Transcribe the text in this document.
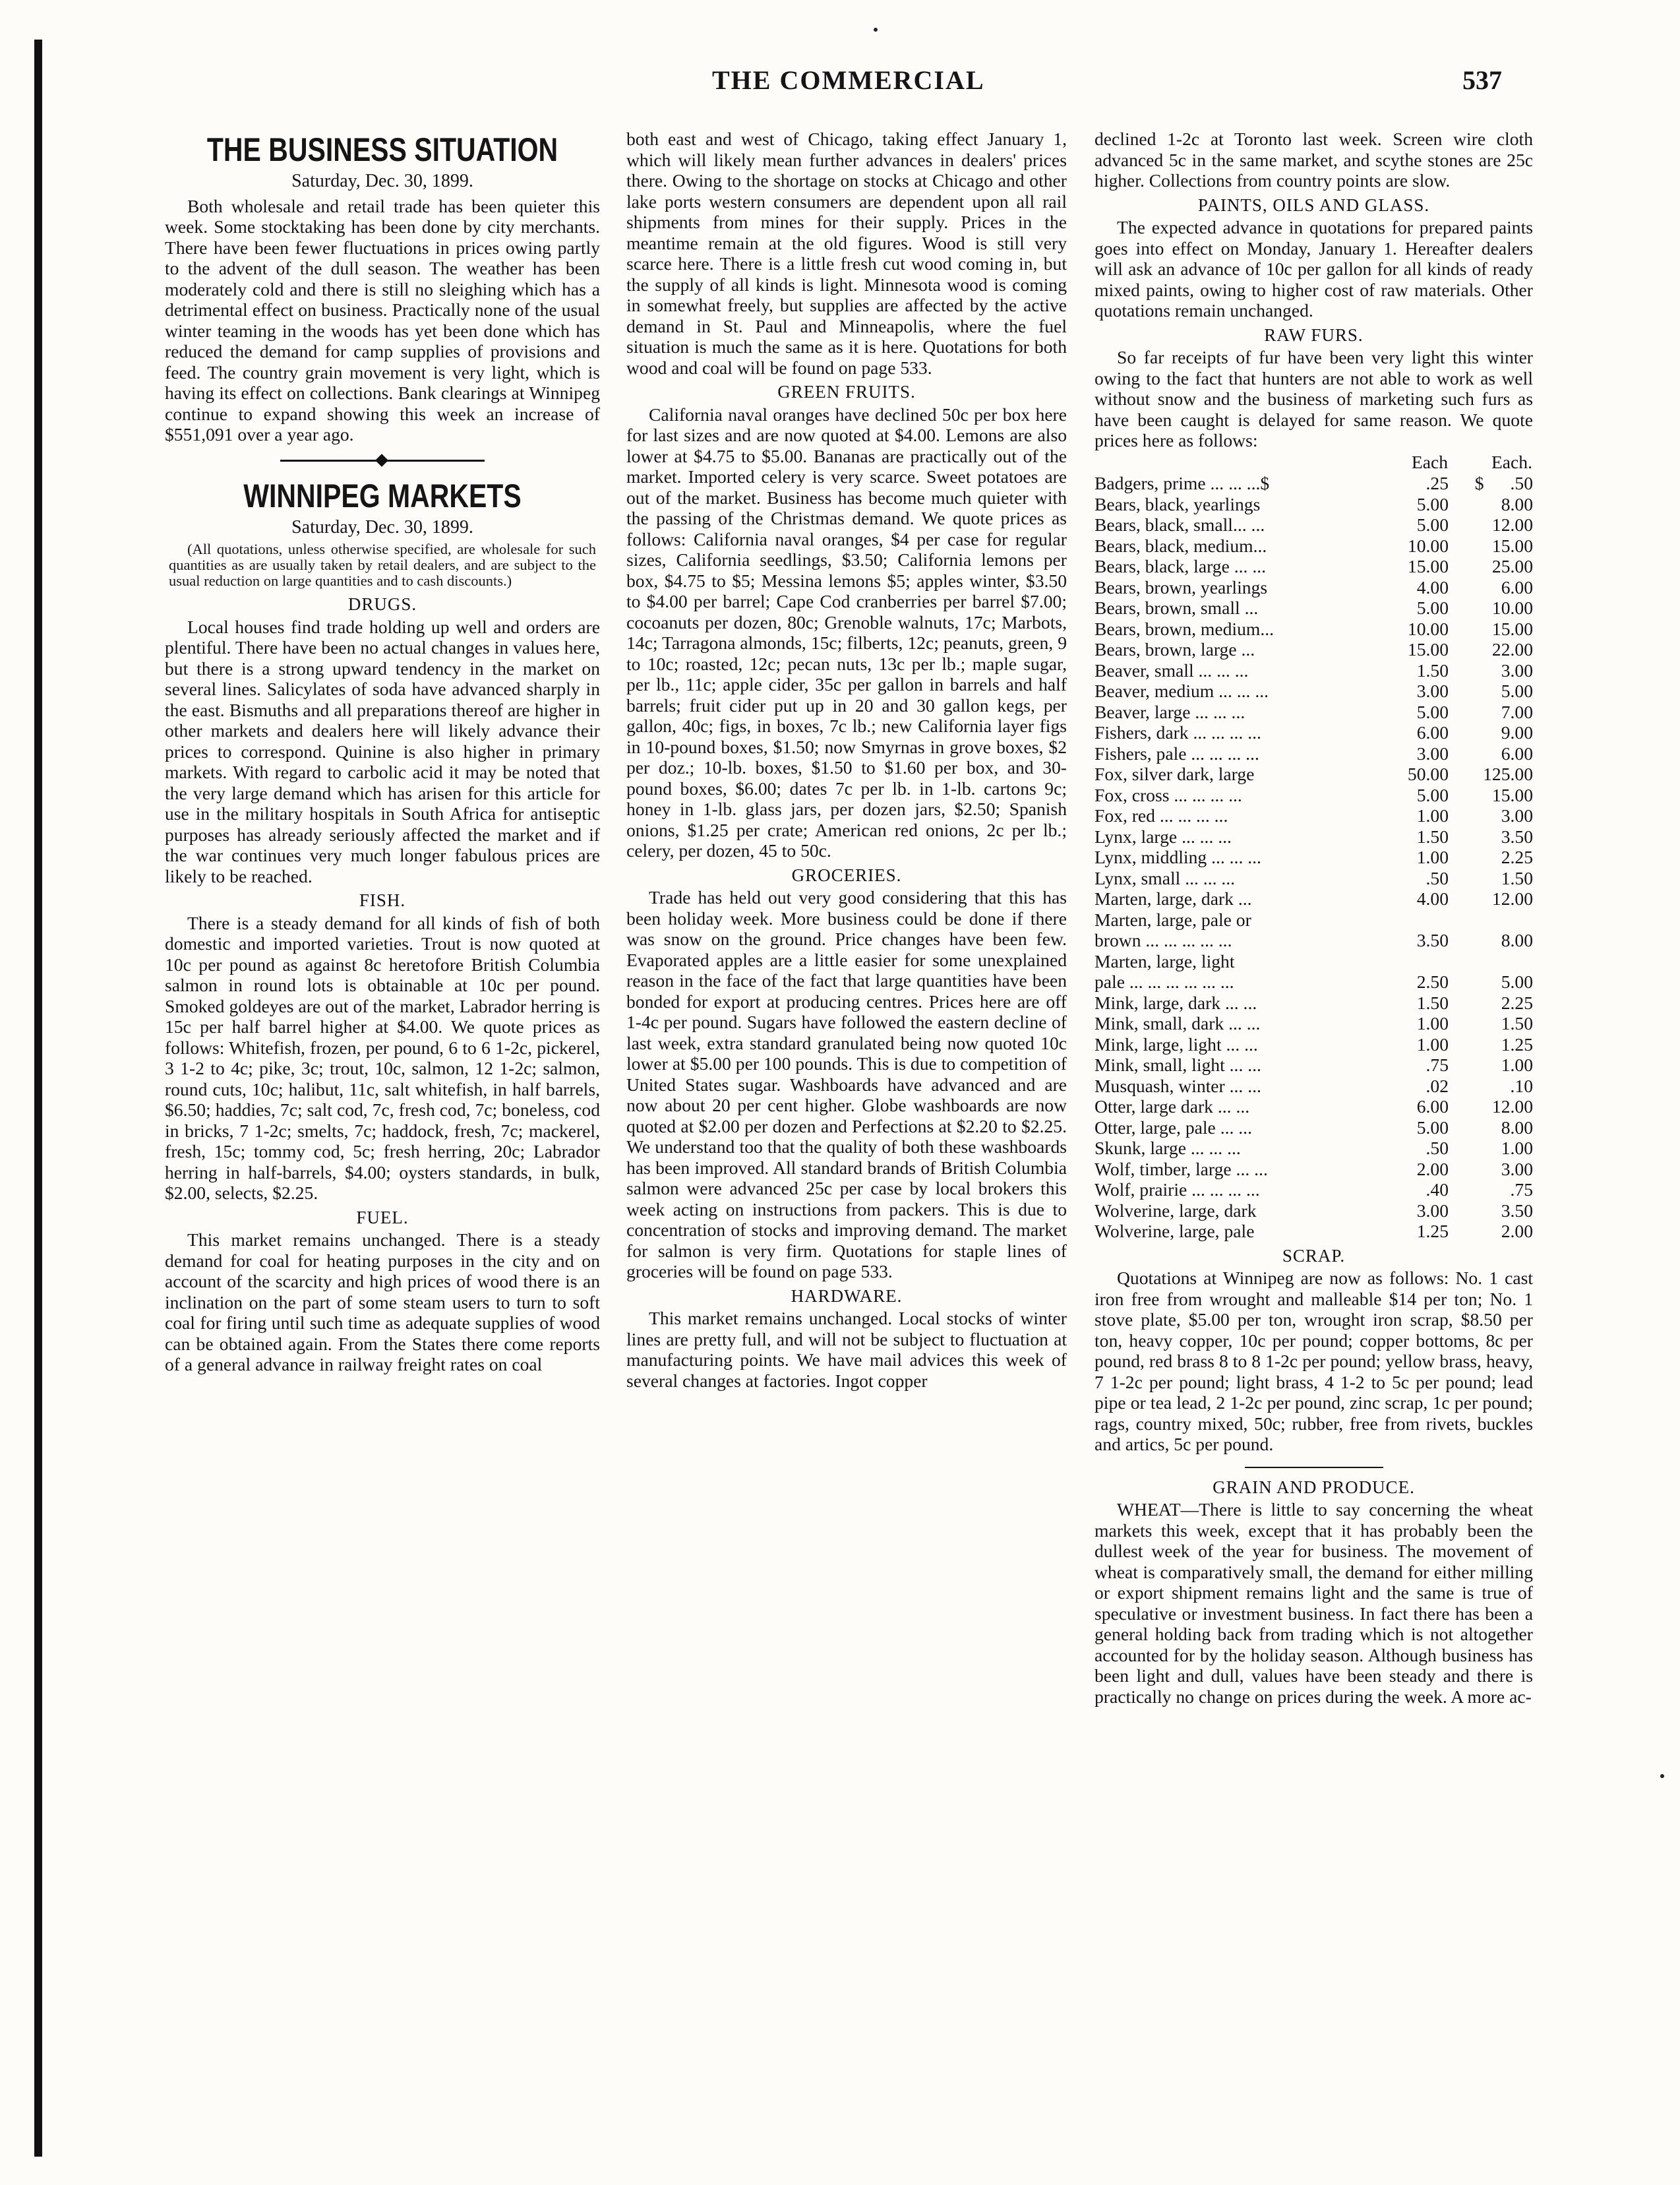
THE COMMERCIAL	537
THE BUSINESS SITUATION
Saturday, Dec. 30, 1899.

Both wholesale and retail trade has been quieter this week. Some stocktaking has been done by city merchants. There have been fewer fluctuations in prices owing partly to the advent of the dull season. The weather has been moderately cold and there is still no sleighing which has a detrimental effect on business. Practically none of the usual winter teaming in the woods has yet been done which has reduced the demand for camp supplies of provisions and feed. The country grain movement is very light, which is having its effect on collections. Bank clearings at Winnipeg continue to expand showing this week an increase of $551,091 over a year ago.

WINNIPEG MARKETS
Saturday, Dec. 30, 1899.
(All quotations, unless otherwise specified, are wholesale for such quantities as are usually taken by retail dealers, and are subject to the usual reduction on large quantities and to cash discounts.)
DRUGS.

Local houses find trade holding up well and orders are plentiful. There have been no actual changes in values here, but there is a strong upward tendency in the market on several lines. Salicylates of soda have advanced sharply in the east. Bismuths and all preparations thereof are higher in other markets and dealers here will likely advance their prices to correspond. Quinine is also higher in primary markets. With regard to carbolic acid it may be noted that the very large demand which has arisen for this article for use in the military hospitals in South Africa for antiseptic purposes has already seriously affected the market and if the war continues very much longer fabulous prices are likely to be reached.

FISH.

There is a steady demand for all kinds of fish of both domestic and imported varieties. Trout is now quoted at 10c per pound as against 8c heretofore British Columbia salmon in round lots is obtainable at 10c per pound. Smoked goldeyes are out of the market, Labrador herring is 15c per half barrel higher at $4.00. We quote prices as follows: Whitefish, frozen, per pound, 6 to 6 1-2c, pickerel, 3 1-2 to 4c; pike, 3c; trout, 10c, salmon, 12 1-2c; salmon, round cuts, 10c; halibut, 11c, salt whitefish, in half barrels, $6.50; haddies, 7c; salt cod, 7c, fresh cod, 7c; boneless, cod in bricks, 7 1-2c; smelts, 7c; haddock, fresh, 7c; mackerel, fresh, 15c; tommy cod, 5c; fresh herring, 20c; Labrador herring in half-barrels, $4.00; oysters standards, in bulk, $2.00, selects, $2.25.

FUEL.

This market remains unchanged. There is a steady demand for coal for heating purposes in the city and on account of the scarcity and high prices of wood there is an inclination on the part of some steam users to turn to soft coal for firing until such time as adequate supplies of wood can be obtained again. From the States there come reports of a general advance in railway freight rates on coal

both east and west of Chicago, taking effect January 1, which will likely mean further advances in dealers' prices there. Owing to the shortage on stocks at Chicago and other lake ports western consumers are dependent upon all rail shipments from mines for their supply. Prices in the meantime remain at the old figures. Wood is still very scarce here. There is a little fresh cut wood coming in, but the supply of all kinds is light. Minnesota wood is coming in somewhat freely, but supplies are affected by the active demand in St. Paul and Minneapolis, where the fuel situation is much the same as it is here. Quotations for both wood and coal will be found on page 533.

GREEN FRUITS.

California naval oranges have declined 50c per box here for last sizes and are now quoted at $4.00. Lemons are also lower at $4.75 to $5.00. Bananas are practically out of the market. Imported celery is very scarce. Sweet potatoes are out of the market. Business has become much quieter with the passing of the Christmas demand. We quote prices as follows: California naval oranges, $4 per case for regular sizes, California seedlings, $3.50; California lemons per box, $4.75 to $5; Messina lemons $5; apples winter, $3.50 to $4.00 per barrel; Cape Cod cranberries per barrel $7.00; cocoanuts per dozen, 80c; Grenoble walnuts, 17c; Marbots, 14c; Tarragona almonds, 15c; filberts, 12c; peanuts, green, 9 to 10c; roasted, 12c; pecan nuts, 13c per lb.; maple sugar, per lb., 11c; apple cider, 35c per gallon in barrels and half barrels; fruit cider put up in 20 and 30 gallon kegs, per gallon, 40c; figs, in boxes, 7c lb.; new California layer figs in 10-pound boxes, $1.50; now Smyrnas in grove boxes, $2 per doz.; 10-lb. boxes, $1.50 to $1.60 per box, and 30-pound boxes, $6.00; dates 7c per lb. in 1-lb. cartons 9c; honey in 1-lb. glass jars, per dozen jars, $2.50; Spanish onions, $1.25 per crate; American red onions, 2c per lb.; celery, per dozen, 45 to 50c.

GROCERIES.

Trade has held out very good considering that this has been holiday week. More business could be done if there was snow on the ground. Price changes have been few. Evaporated apples are a little easier for some unexplained reason in the face of the fact that large quantities have been bonded for export at producing centres. Prices here are off 1-4c per pound. Sugars have followed the eastern decline of last week, extra standard granulated being now quoted 10c lower at $5.00 per 100 pounds. This is due to competition of United States sugar. Washboards have advanced and are now about 20 per cent higher. Globe washboards are now quoted at $2.00 per dozen and Perfections at $2.20 to $2.25. We understand too that the quality of both these washboards has been improved. All standard brands of British Columbia salmon were advanced 25c per case by local brokers this week acting on instructions from packers. This is due to concentration of stocks and improving demand. The market for salmon is very firm. Quotations for staple lines of groceries will be found on page 533.

HARDWARE.

This market remains unchanged. Local stocks of winter lines are pretty full, and will not be subject to fluctuation at manufacturing points. We have mail advices this week of several changes at factories. Ingot copper

declined 1-2c at Toronto last week. Screen wire cloth advanced 5c in the same market, and scythe stones are 25c higher. Collections from country points are slow.

PAINTS, OILS AND GLASS.

The expected advance in quotations for prepared paints goes into effect on Monday, January 1. Hereafter dealers will ask an advance of 10c per gallon for all kinds of ready mixed paints, owing to higher cost of raw materials. Other quotations remain unchanged.

RAW FURS.

So far receipts of fur have been very light this winter owing to the fact that hunters are not able to work as well without snow and the business of marketing such furs as have been caught is delayed for same reason. We quote prices here as follows:

	Each	Each.
Badgers, prime ... ... ...$	.25	$ .50
Bears, black, yearlings	5.00	8.00
Bears, black, small... ...	5.00	12.00
Bears, black, medium...	10.00	15.00
Bears, black, large ... ...	15.00	25.00
Bears, brown, yearlings	4.00	6.00
Bears, brown, small ...	5.00	10.00
Bears, brown, medium...	10.00	15.00
Bears, brown, large ...	15.00	22.00
Beaver, small ... ... ...	1.50	3.00
Beaver, medium ... ... ...	3.00	5.00
Beaver, large ... ... ...	5.00	7.00
Fishers, dark ... ... ... ...	6.00	9.00
Fishers, pale ... ... ... ...	3.00	6.00
Fox, silver dark, large	50.00	125.00
Fox, cross ... ... ... ...	5.00	15.00
Fox, red ... ... ... ...	1.00	3.00
Lynx, large ... ... ...	1.50	3.50
Lynx, middling ... ... ...	1.00	2.25
Lynx, small ... ... ...	.50	1.50
Marten, large, dark ...	4.00	12.00
Marten, large, pale or		
brown ... ... ... ... ...	3.50	8.00
Marten, large, light		
pale ... ... ... ... ... ...	2.50	5.00
Mink, large, dark ... ...	1.50	2.25
Mink, small, dark ... ...	1.00	1.50
Mink, large, light ... ...	1.00	1.25
Mink, small, light ... ...	.75	1.00
Musquash, winter ... ...	.02	.10
Otter, large dark ... ...	6.00	12.00
Otter, large, pale ... ...	5.00	8.00
Skunk, large ... ... ...	.50	1.00
Wolf, timber, large ... ...	2.00	3.00
Wolf, prairie ... ... ... ...	.40	.75
Wolverine, large, dark	3.00	3.50
Wolverine, large, pale	1.25	2.00
SCRAP.

Quotations at Winnipeg are now as follows: No. 1 cast iron free from wrought and malleable $14 per ton; No. 1 stove plate, $5.00 per ton, wrought iron scrap, $8.50 per ton, heavy copper, 10c per pound; copper bottoms, 8c per pound, red brass 8 to 8 1-2c per pound; yellow brass, heavy, 7 1-2c per pound; light brass, 4 1-2 to 5c per pound; lead pipe or tea lead, 2 1-2c per pound, zinc scrap, 1c per pound; rags, country mixed, 50c; rubber, free from rivets, buckles and artics, 5c per pound.

GRAIN AND PRODUCE.

WHEAT—There is little to say concerning the wheat markets this week, except that it has probably been the dullest week of the year for business. The movement of wheat is comparatively small, the demand for either milling or export shipment remains light and the same is true of speculative or investment business. In fact there has been a general holding back from trading which is not altogether accounted for by the holiday season. Although business has been light and dull, values have been steady and there is practically no change on prices during the week. A more ac-
